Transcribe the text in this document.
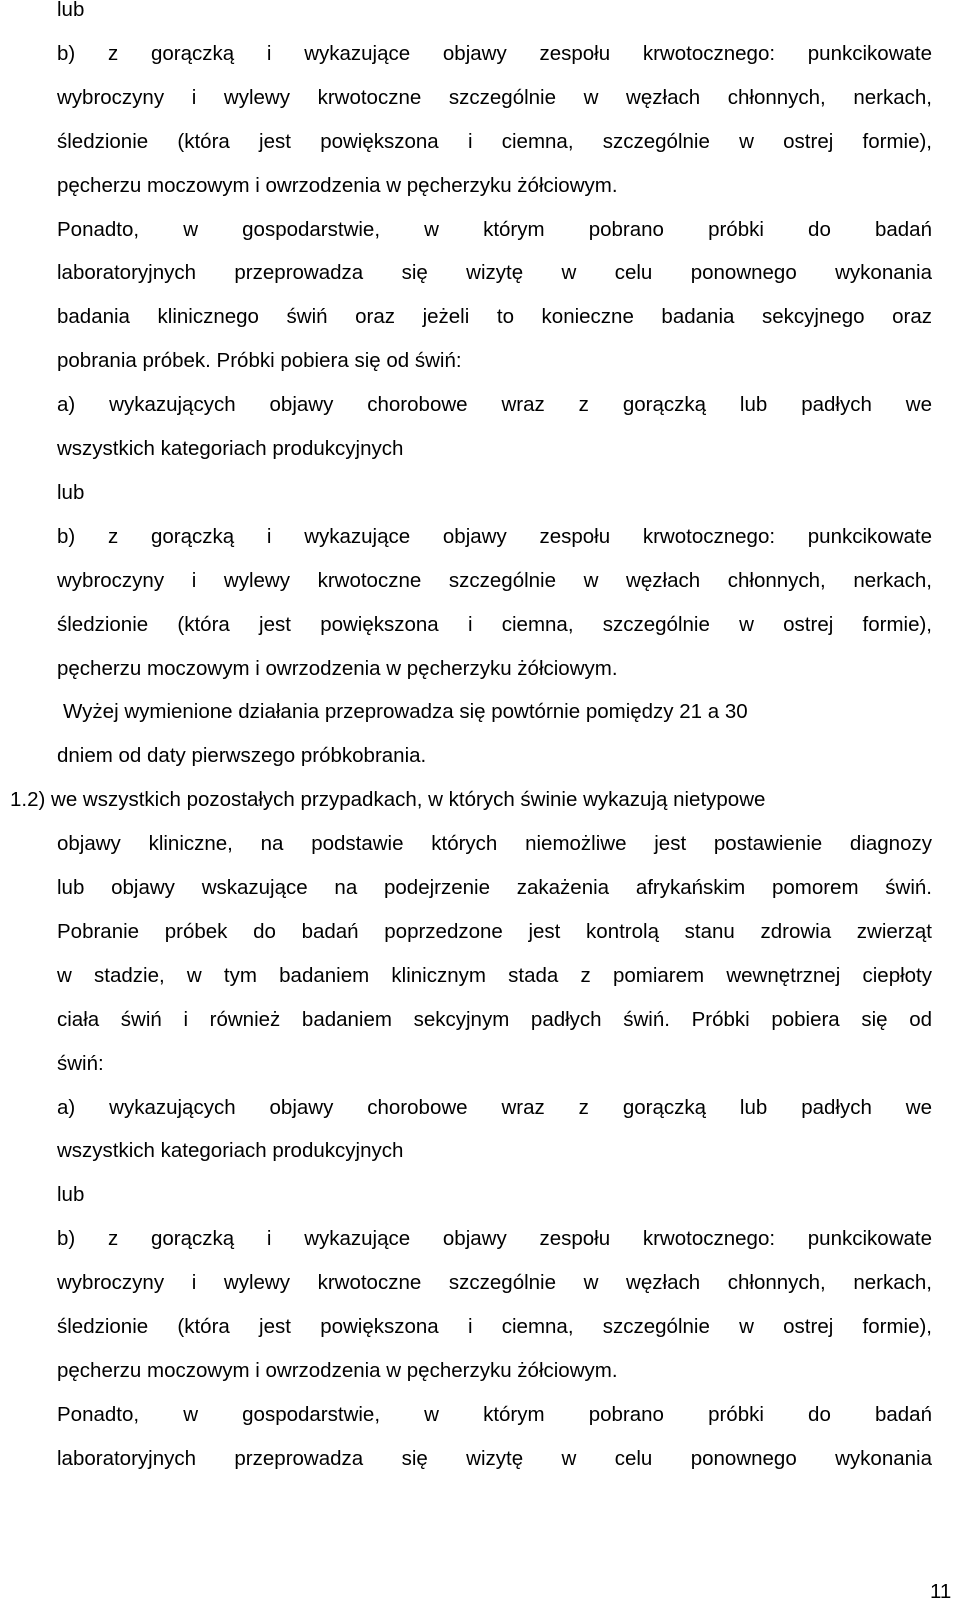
lub
b) z gorączką i wykazujące objawy zespołu krwotocznego: punkcikowate
wybroczyny i wylewy krwotoczne szczególnie w węzłach chłonnych, nerkach,
śledzionie (która jest powiększona i ciemna, szczególnie w ostrej formie),
pęcherzu moczowym i owrzodzenia w pęcherzyku żółciowym.
Ponadto, w gospodarstwie, w którym pobrano próbki do badań
laboratoryjnych przeprowadza się wizytę w celu ponownego wykonania
badania klinicznego świń oraz jeżeli to konieczne badania sekcyjnego oraz
pobrania próbek. Próbki pobiera się od świń:
a) wykazujących objawy chorobowe wraz z gorączką lub padłych we
wszystkich kategoriach produkcyjnych
lub
b) z gorączką i wykazujące objawy zespołu krwotocznego: punkcikowate
wybroczyny i wylewy krwotoczne szczególnie w węzłach chłonnych, nerkach,
śledzionie (która jest powiększona i ciemna, szczególnie w ostrej formie),
pęcherzu moczowym i owrzodzenia w pęcherzyku żółciowym.
Wyżej wymienione działania przeprowadza się powtórnie pomiędzy 21 a 30
dniem od daty pierwszego próbkobrania.
1.2) we wszystkich pozostałych przypadkach, w których świnie wykazują nietypowe
objawy kliniczne, na podstawie których niemożliwe jest postawienie diagnozy
lub objawy wskazujące na podejrzenie zakażenia afrykańskim pomorem świń.
Pobranie próbek do badań poprzedzone jest kontrolą stanu zdrowia zwierząt
w stadzie, w tym badaniem klinicznym stada z pomiarem wewnętrznej ciepłoty
ciała świń i również badaniem sekcyjnym padłych świń. Próbki pobiera się od
świń:
a) wykazujących objawy chorobowe wraz z gorączką lub padłych we
wszystkich kategoriach produkcyjnych
lub
b) z gorączką i wykazujące objawy zespołu krwotocznego: punkcikowate
wybroczyny i wylewy krwotoczne szczególnie w węzłach chłonnych, nerkach,
śledzionie (która jest powiększona i ciemna, szczególnie w ostrej formie),
pęcherzu moczowym i owrzodzenia w pęcherzyku żółciowym.
Ponadto, w gospodarstwie, w którym pobrano próbki do badań
laboratoryjnych przeprowadza się wizytę w celu ponownego wykonania
11
